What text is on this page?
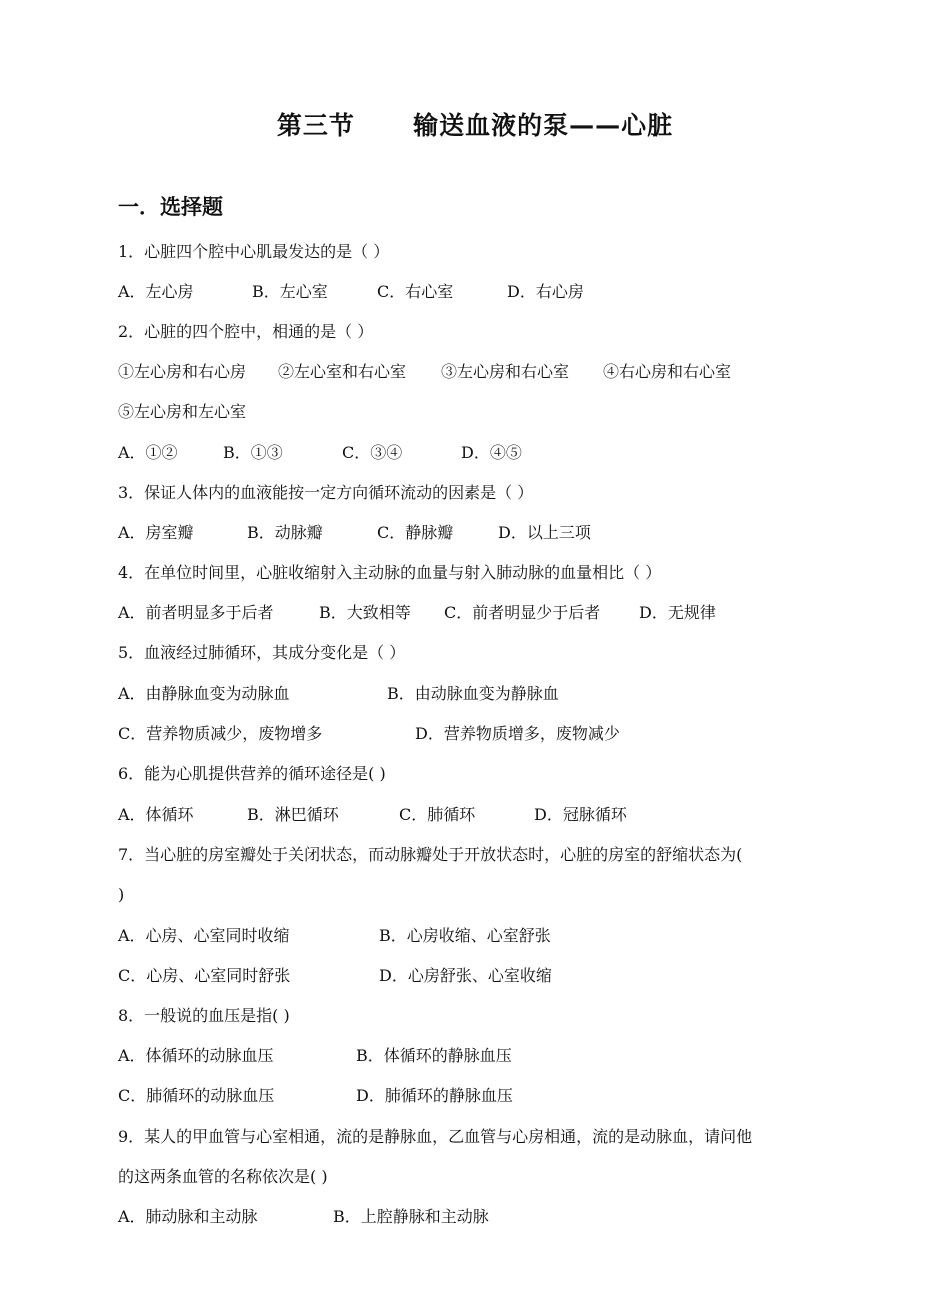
第三节      输送血液的泵——心脏
一．选择题
1．心脏四个腔中心肌最发达的是（ ）
A．左心房	B．左心室	C．右心室	D．右心房
2．心脏的四个腔中，相通的是（ ）
①左心房和右心房 ②左心室和右心室 ③左心房和右心室 ④右心房和右心室
⑤左心房和左心室
A．①②	B．①③	C．③④	D．④⑤
3．保证人体内的血液能按一定方向循环流动的因素是（ ）
A．房室瓣	B．动脉瓣	C．静脉瓣	D．以上三项
4．在单位时间里，心脏收缩射入主动脉的血量与射入肺动脉的血量相比（ ）
A．前者明显多于后者	B．大致相等 C．前者明显少于后者 D．无规律
5．血液经过肺循环，其成分变化是（ ）
A．由静脉血变为动脉血	B．由动脉血变为静脉血
C．营养物质减少，废物增多	D．营养物质增多，废物减少
6．能为心肌提供营养的循环途径是( )
A．体循环	B．淋巴循环	C．肺循环	D．冠脉循环
7．当心脏的房室瓣处于关闭状态，而动脉瓣处于开放状态时，心脏的房室的舒缩状态为(
)
A．心房、心室同时收缩	B．心房收缩、心室舒张
C．心房、心室同时舒张	D．心房舒张、心室收缩
8．一般说的血压是指( )
A．体循环的动脉血压	B．体循环的静脉血压
C．肺循环的动脉血压	D．肺循环的静脉血压
9．某人的甲血管与心室相通，流的是静脉血，乙血管与心房相通，流的是动脉血，请问他
的这两条血管的名称依次是( )
A．肺动脉和主动脉	B．上腔静脉和主动脉
